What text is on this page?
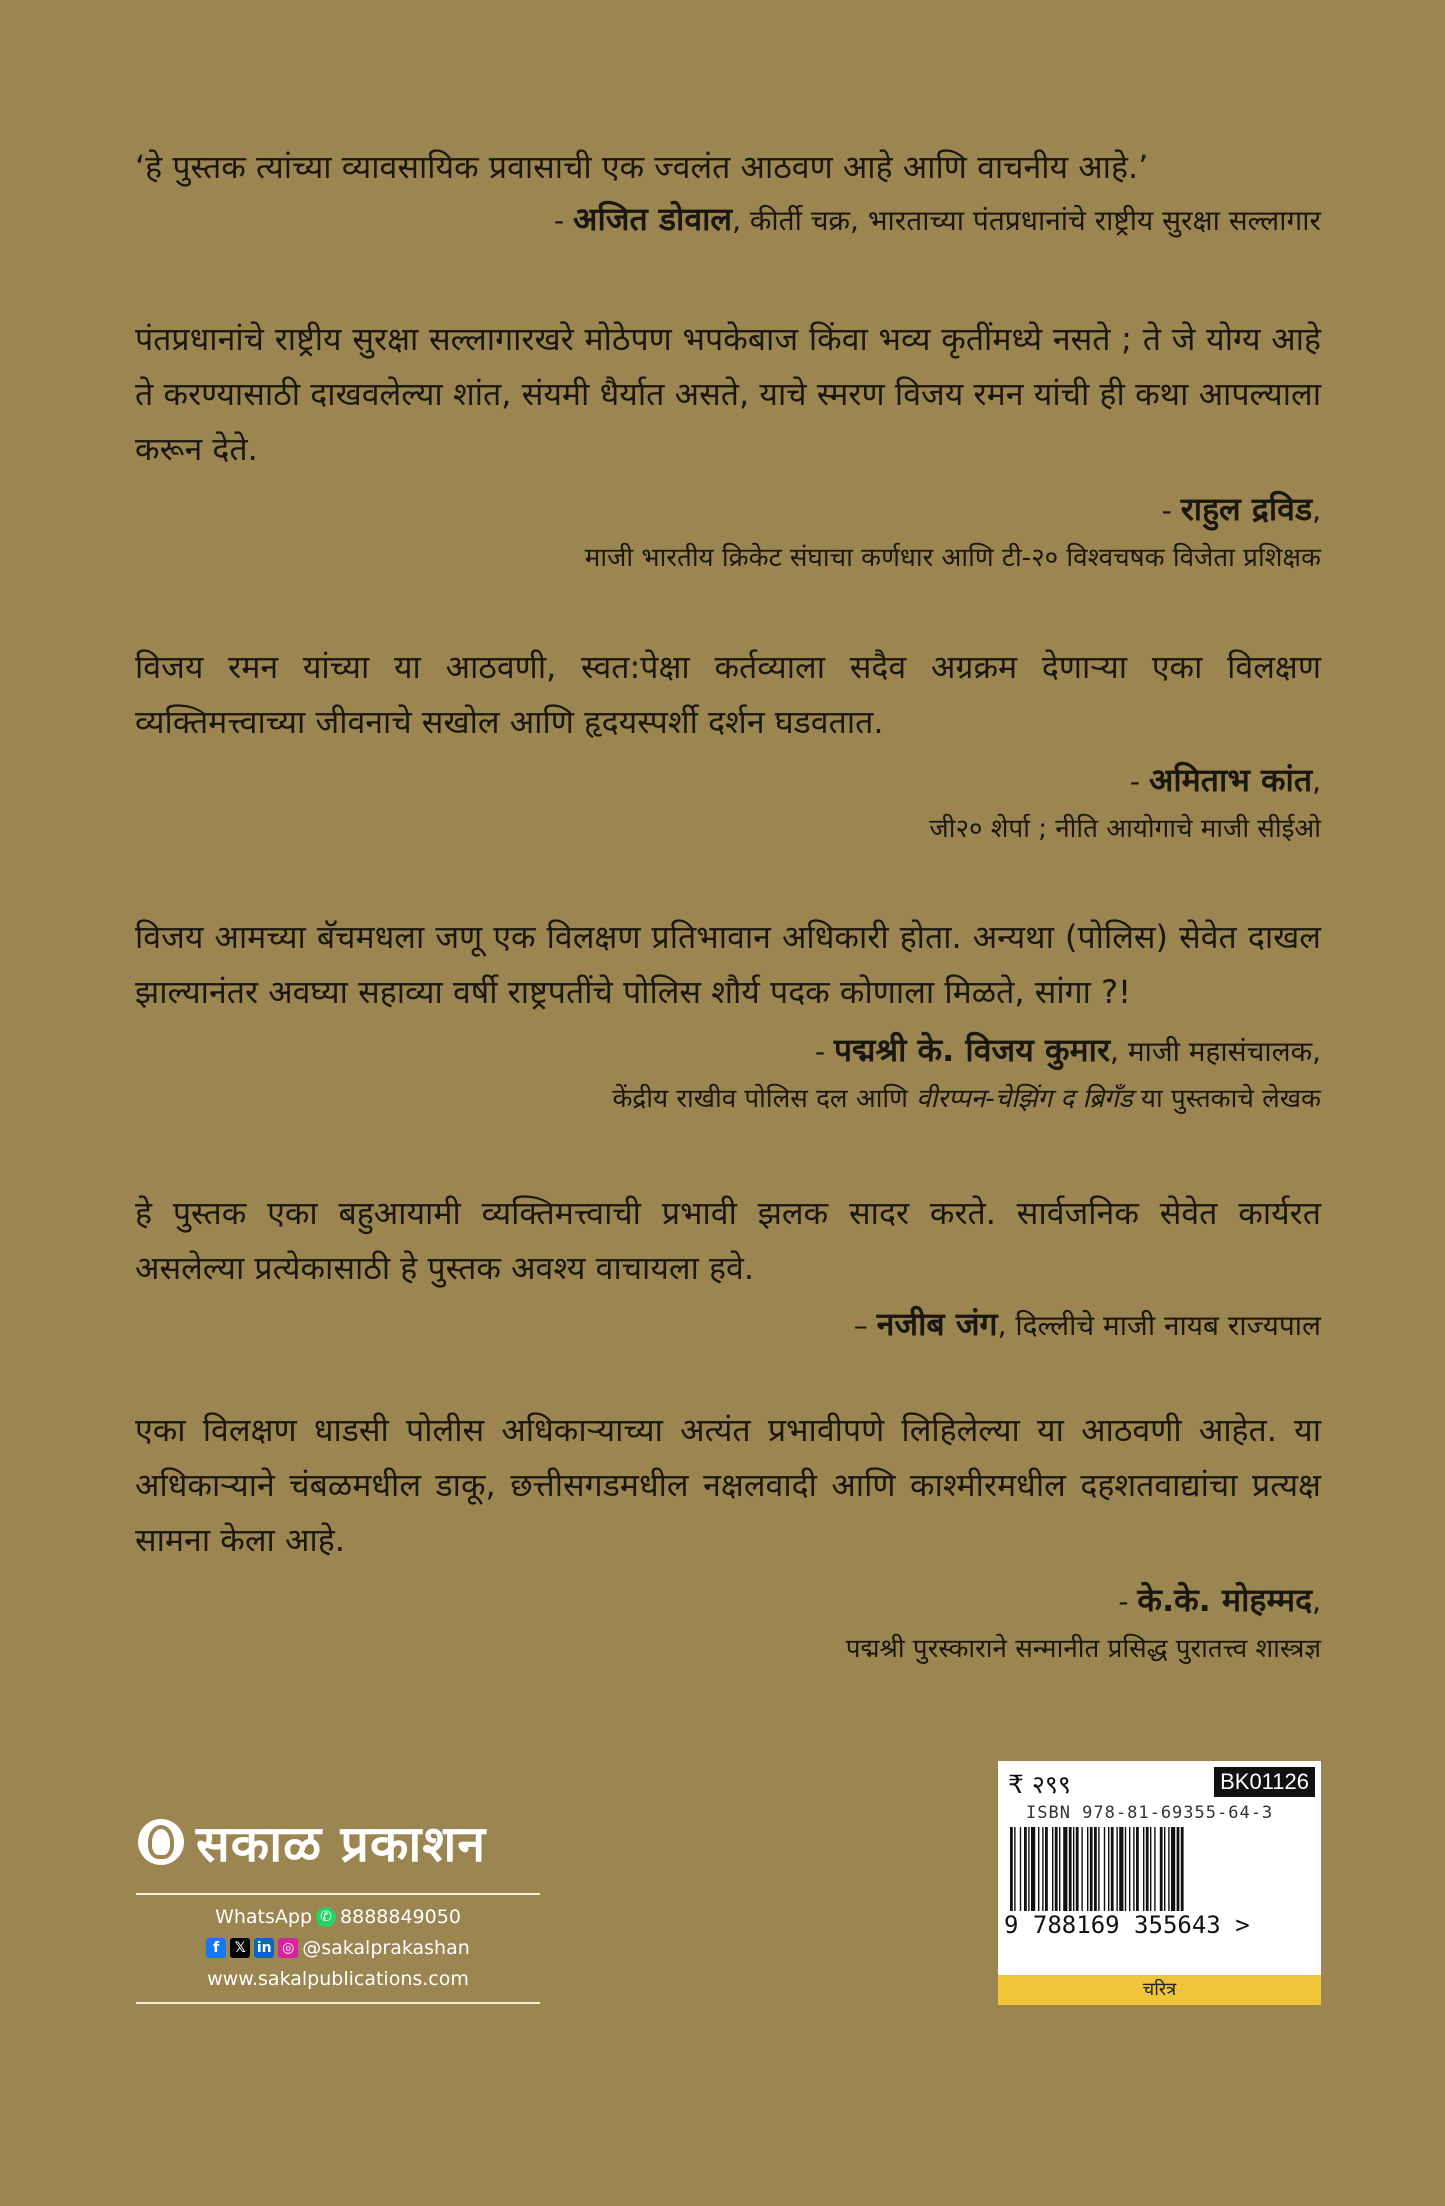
‘हे पुस्तक त्यांच्या व्यावसायिक प्रवासाची एक ज्वलंत आठवण आहे आणि वाचनीय आहे.’

- अजित डोवाल, कीर्ती चक्र, भारताच्या पंतप्रधानांचे राष्ट्रीय सुरक्षा सल्लागार

पंतप्रधानांचे राष्ट्रीय सुरक्षा सल्लागारखरे मोठेपण भपकेबाज किंवा भव्य कृतींमध्ये नसते ; ते जे योग्य आहे ते करण्यासाठी दाखवलेल्या शांत, संयमी धैर्यात असते, याचे स्मरण विजय रमन यांची ही कथा आपल्याला करून देते.

- राहुल द्रविड,

माजी भारतीय क्रिकेट संघाचा कर्णधार आणि टी-२० विश्वचषक विजेता प्रशिक्षक

विजय रमन यांच्या या आठवणी, स्वत:पेक्षा कर्तव्याला सदैव अग्रक्रम देणाऱ्या एका विलक्षण व्यक्तिमत्त्वाच्या जीवनाचे सखोल आणि हृदयस्पर्शी दर्शन घडवतात.

- अमिताभ कांत,

जी२० शेर्पा ; नीति आयोगाचे माजी सीईओ

विजय आमच्या बॅचमधला जणू एक विलक्षण प्रतिभावान अधिकारी होता. अन्यथा (पोलिस) सेवेत दाखल झाल्यानंतर अवघ्या सहाव्या वर्षी राष्ट्रपतींचे पोलिस शौर्य पदक कोणाला मिळते, सांगा ?!

- पद्मश्री के. विजय कुमार, माजी महासंचालक,

केंद्रीय राखीव पोलिस दल आणि वीरप्पन-चेझिंग द ब्रिगँड या पुस्तकाचे लेखक

हे पुस्तक एका बहुआयामी व्यक्तिमत्त्वाची प्रभावी झलक सादर करते. सार्वजनिक सेवेत कार्यरत असलेल्या प्रत्येकासाठी हे पुस्तक अवश्य वाचायला हवे.

– नजीब जंग, दिल्लीचे माजी नायब राज्यपाल

एका विलक्षण धाडसी पोलीस अधिकाऱ्याच्या अत्यंत प्रभावीपणे लिहिलेल्या या आठवणी आहेत. या अधिकाऱ्याने चंबळमधील डाकू, छत्तीसगडमधील नक्षलवादी आणि काश्मीरमधील दहशतवाद्यांचा प्रत्यक्ष सामना केला आहे.

- के.के. मोहम्मद,

पद्मश्री पुरस्काराने सन्मानीत प्रसिद्ध पुरातत्त्व शास्त्रज्ञ

सकाळ प्रकाशन
WhatsApp ✆ 8888849050
f	𝕏 in ◎ @sakalprakashan
www.sakalpublications.com
₹ २९९	BK01126
ISBN 978-81-69355-64-3
9 788169 355643 >
चरित्र
